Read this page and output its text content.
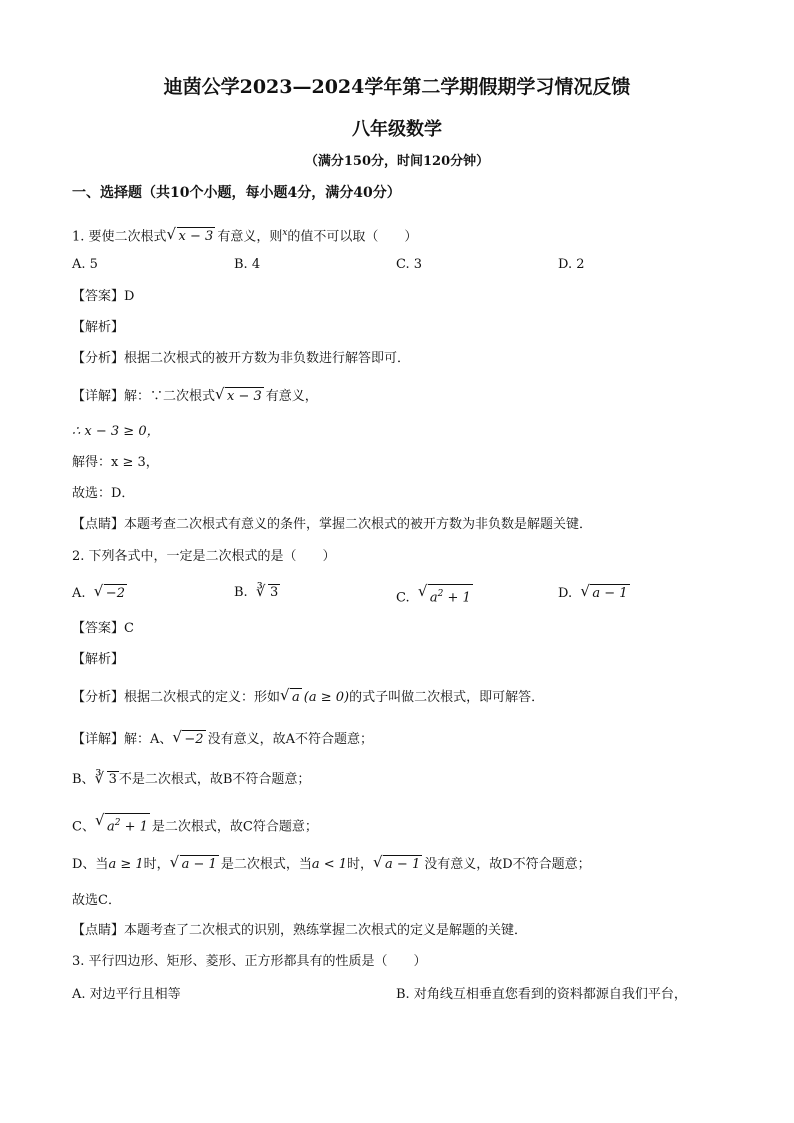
迪茵公学2023—2024学年第二学期假期学习情况反馈
八年级数学
（满分150分，时间120分钟）
一、选择题（共10个小题，每小题4分，满分40分）
1. 要使二次根式 √ x − 3 有意义，则$^x$的值不可以取（　　）
A. 5	B. 4	C. 3	D. 2
【答案】D
【解析】
【分析】根据二次根式的被开方数为非负数进行解答即可．
【详解】解：∵二次根式 √ x − 3 有意义，
∴ x − 3 ≥ 0，
解得：x ≥ 3，
故选：D．
【点睛】本题考查二次根式有意义的条件，掌握二次根式的被开方数为非负数是解题关键．
2. 下列各式中，一定是二次根式的是（　　）
A. √ −2	B. ∛ 3	C. √ $a^2 + 1$	D. √ a − 1
【答案】C
【解析】
【分析】根据二次根式的定义：形如 √ a (a ≥ 0)的式子叫做二次根式，即可解答．
【详解】解：A、 √ −2 没有意义，故A不符合题意；
B、 ∛ 3 不是二次根式，故B不符合题意；
C、 √ $a^2 + 1$ 是二次根式，故C符合题意；
D、当a ≥ 1时， √ a − 1 是二次根式，当a < 1时， √ a − 1 没有意义，故D不符合题意；
故选C．
【点睛】本题考查了二次根式的识别，熟练掌握二次根式的定义是解题的关键．
3. 平行四边形、矩形、菱形、正方形都具有的性质是（　　）
A. 对边平行且相等	B. 对角线互相垂直您看到的资料都源自我们平台，
